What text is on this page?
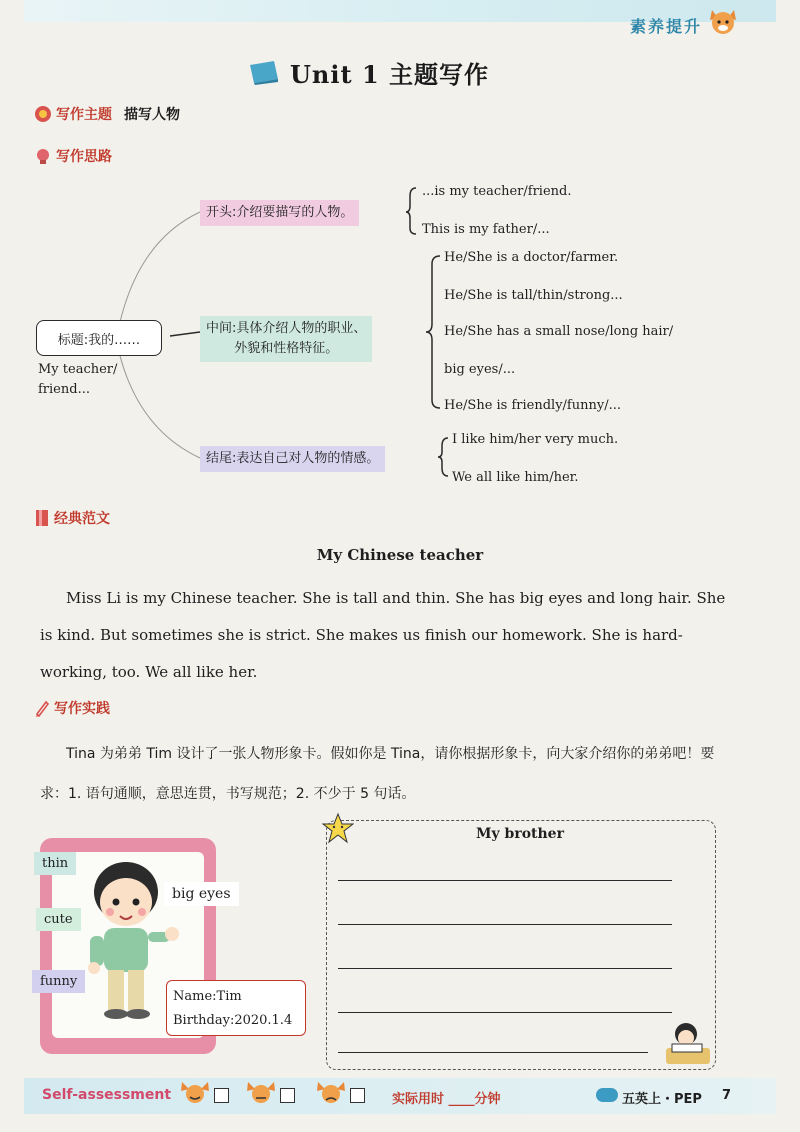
素养提升
Unit 1 主题写作
写作主题 描写人物
写作思路
标题:我的……
My teacher/
friend...
开头:介绍要描写的人物。
...is my teacher/friend.
This is my father/...
中间:具体介绍人物的职业、
外貌和性格特征。
He/She is a doctor/farmer.
He/She is tall/thin/strong...
He/She has a small nose/long hair/
big eyes/...
He/She is friendly/funny/...
结尾:表达自己对人物的情感。
I like him/her very much.
We all like him/her.
经典范文
My Chinese teacher
Miss Li is my Chinese teacher. She is tall and thin. She has big eyes and long hair. She is kind. But sometimes she is strict. She makes us finish our homework. She is hard-working, too. We all like her.
写作实践
Tina 为弟弟 Tim 设计了一张人物形象卡。假如你是 Tina，请你根据形象卡，向大家介绍你的弟弟吧！要求：1. 语句通顺，意思连贯，书写规范；2. 不少于 5 句话。
thin
cute
funny
big eyes
Name:Tim
Birthday:2020.1.4
My brother
Self-assessment	实际用时 ____分钟	五英上・PEP 7
